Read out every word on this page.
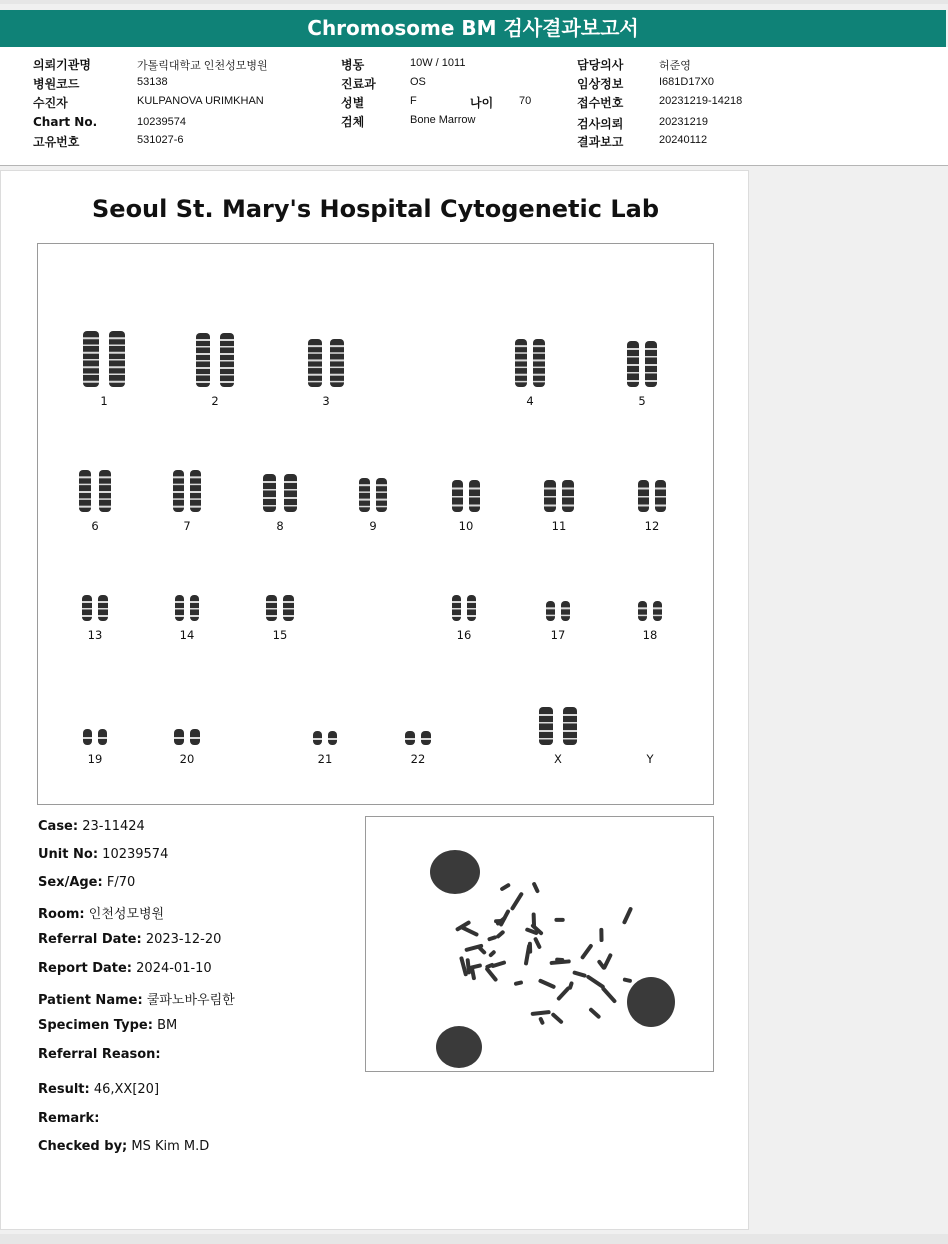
Chromosome BM 검사결과보고서
의뢰기관명	가톨릭대학교 인천성모병원
병원코드	53138
수진자	KULPANOVA URIMKHAN
Chart No.	10239574
고유번호	531027-6
병동	10W / 1011
진료과	OS
성별	F	나이 70
검체	Bone Marrow
담당의사	허준영
임상정보	I681D17X0
접수번호	20231219-14218
검사의뢰	20231219
결과보고	20240112
Seoul St. Mary's Hospital Cytogenetic Lab
1	2	3	4	5
6	7	8	9	10	11	12
13	14	15	16	17	18
19	20	21	22	X	Y
Case: 23-11424
Unit No: 10239574
Sex/Age: F/70
Room: 인천성모병원
Referral Date: 2023-12-20
Report Date: 2024-01-10
Patient Name: 쿨파노바우림한
Specimen Type: BM
Referral Reason:
Result: 46,XX[20]
Remark:
Checked by; MS Kim M.D
